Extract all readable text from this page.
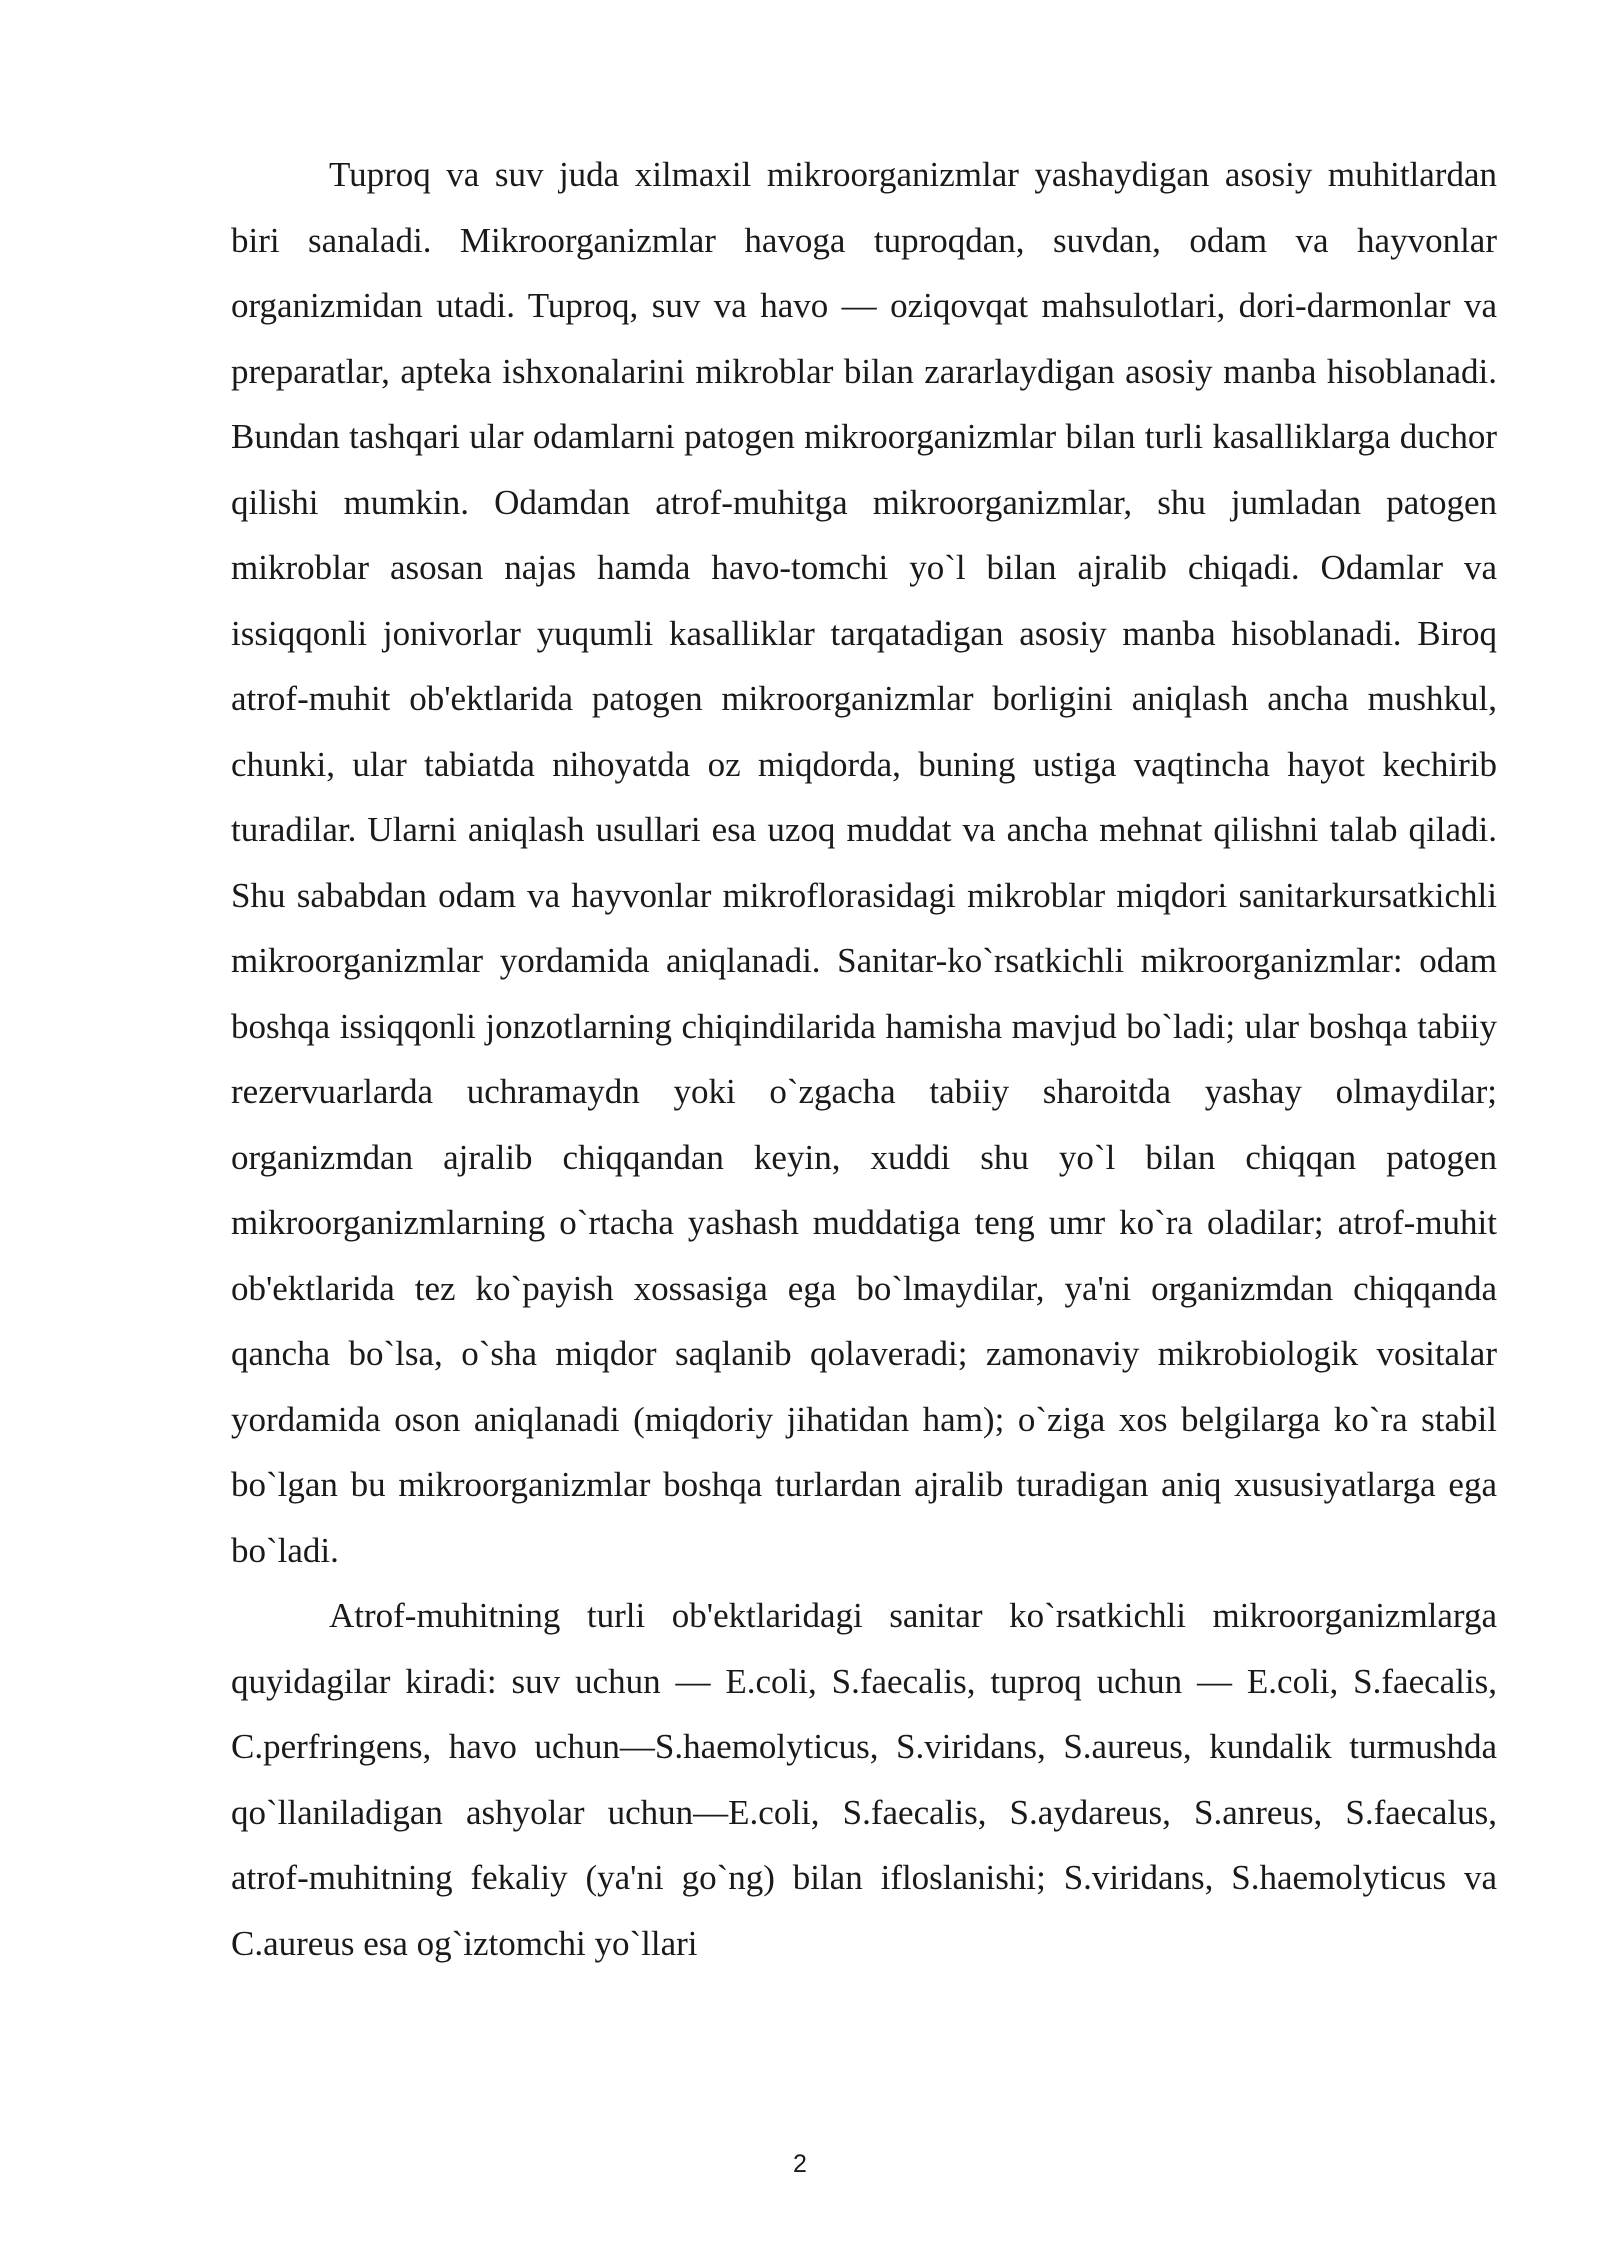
Tuproq va suv juda xilmaxil mikroorganizmlar yashaydigan asosiy muhitlardan biri sanaladi. Mikroorganizmlar havoga tuproqdan, suvdan, odam va hayvonlar organizmidan utadi. Tuproq, suv va havo — oziqovqat mahsulotlari, dori-darmonlar va preparatlar, apteka ishxonalarini mikroblar bilan zararlaydigan asosiy manba hisoblanadi. Bundan tashqari ular odamlarni patogen mikroorganizmlar bilan turli kasalliklarga duchor qilishi mumkin. Odamdan atrof-muhitga mikroorganizmlar, shu jumladan patogen mikroblar asosan najas hamda havo-tomchi yo`l bilan ajralib chiqadi. Odamlar va issiqqonli jonivorlar yuqumli kasalliklar tarqatadigan asosiy manba hisoblanadi. Biroq atrof-muhit ob'ektlarida patogen mikroorganizmlar borligini aniqlash ancha mushkul, chunki, ular tabiatda nihoyatda oz miqdorda, buning ustiga vaqtincha hayot kechirib turadilar. Ularni aniqlash usullari esa uzoq muddat va ancha mehnat qilishni talab qiladi. Shu sababdan odam va hayvonlar mikroflorasidagi mikroblar miqdori sanitarkursatkichli mikroorganizmlar yordamida aniqlanadi. Sanitar-ko`rsatkichli mikroorganizmlar: odam boshqa issiqqonli jonzotlarning chiqindilarida hamisha mavjud bo`ladi; ular boshqa tabiiy rezervuarlarda uchramaydn yoki o`zgacha tabiiy sharoitda yashay olmaydilar; organizmdan ajralib chiqqandan keyin, xuddi shu yo`l bilan chiqqan patogen mikroorganizmlarning o`rtacha yashash muddatiga teng umr ko`ra oladilar; atrof-muhit ob'ektlarida tez ko`payish xossasiga ega bo`lmaydilar, ya'ni organizmdan chiqqanda qancha bo`lsa, o`sha miqdor saqlanib qolaveradi; zamonaviy mikrobiologik vositalar yordamida oson aniqlanadi (miqdoriy jihatidan ham); o`ziga xos belgilarga ko`ra stabil bo`lgan bu mikroorganizmlar boshqa turlardan ajralib turadigan aniq xususiyatlarga ega bo`ladi.

Atrof-muhitning turli ob'ektlaridagi sanitar ko`rsatkichli mikroorganizmlarga quyidagilar kiradi: suv uchun — E.coli, S.faecalis, tuproq uchun — E.coli, S.faecalis, C.perfringens, havo uchun—S.haemolyticus, S.viridans, S.aureus, kundalik turmushda qo`llaniladigan ashyolar uchun—E.coli, S.faecalis, S.aydareus, S.anreus, S.faecalus, atrof-muhitning fekaliy (ya'ni go`ng) bilan ifloslanishi; S.viridans, S.haemolyticus va C.aureus esa og`iztomchi yo`llari

2
